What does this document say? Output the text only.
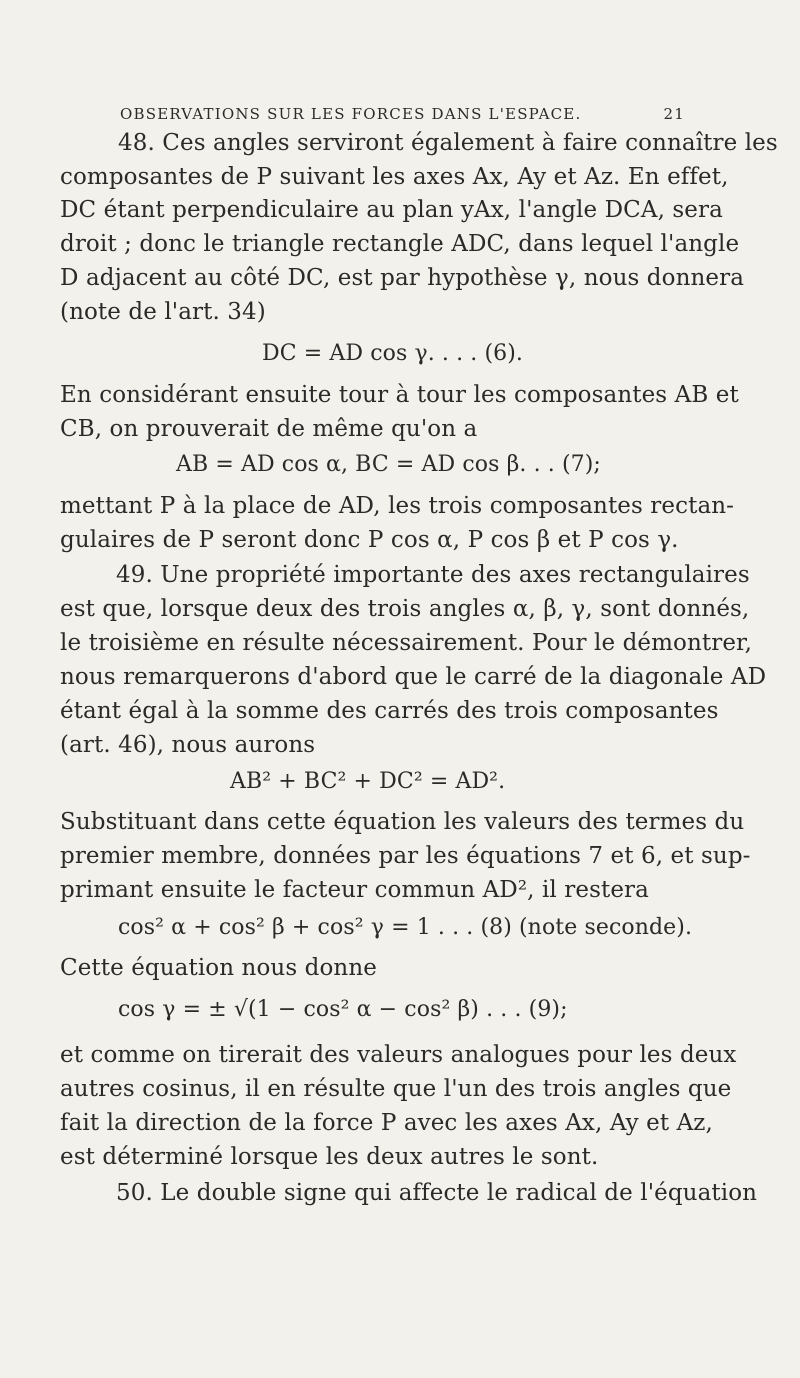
OBSERVATIONS SUR LES FORCES DANS L'ESPACE.	21
48. Ces angles serviront également à faire connaître les
composantes de P suivant les axes Ax, Ay et Az. En effet,
DC étant perpendiculaire au plan yAx, l'angle DCA, sera
droit ; donc le triangle rectangle ADC, dans lequel l'angle
D adjacent au côté DC, est par hypothèse γ, nous donnera
(note de l'art. 34)
DC = AD cos γ. . . . (6).
En considérant ensuite tour à tour les composantes AB et
CB, on prouverait de même qu'on a
AB = AD cos α, BC = AD cos β. . . (7);
mettant P à la place de AD, les trois composantes rectan-
gulaires de P seront donc P cos α, P cos β et P cos γ.
49. Une propriété importante des axes rectangulaires
est que, lorsque deux des trois angles α, β, γ, sont donnés,
le troisième en résulte nécessairement. Pour le démontrer,
nous remarquerons d'abord que le carré de la diagonale AD
étant égal à la somme des carrés des trois composantes
(art. 46), nous aurons
AB² + BC² + DC² = AD².
Substituant dans cette équation les valeurs des termes du
premier membre, données par les équations 7 et 6, et sup-
primant ensuite le facteur commun AD², il restera
cos² α + cos² β + cos² γ = 1 . . . (8) (note seconde).
Cette équation nous donne
cos γ = ± √(1 − cos² α − cos² β) . . . (9);
et comme on tirerait des valeurs analogues pour les deux
autres cosinus, il en résulte que l'un des trois angles que
fait la direction de la force P avec les axes Ax, Ay et Az,
est déterminé lorsque les deux autres le sont.
50. Le double signe qui affecte le radical de l'équation
